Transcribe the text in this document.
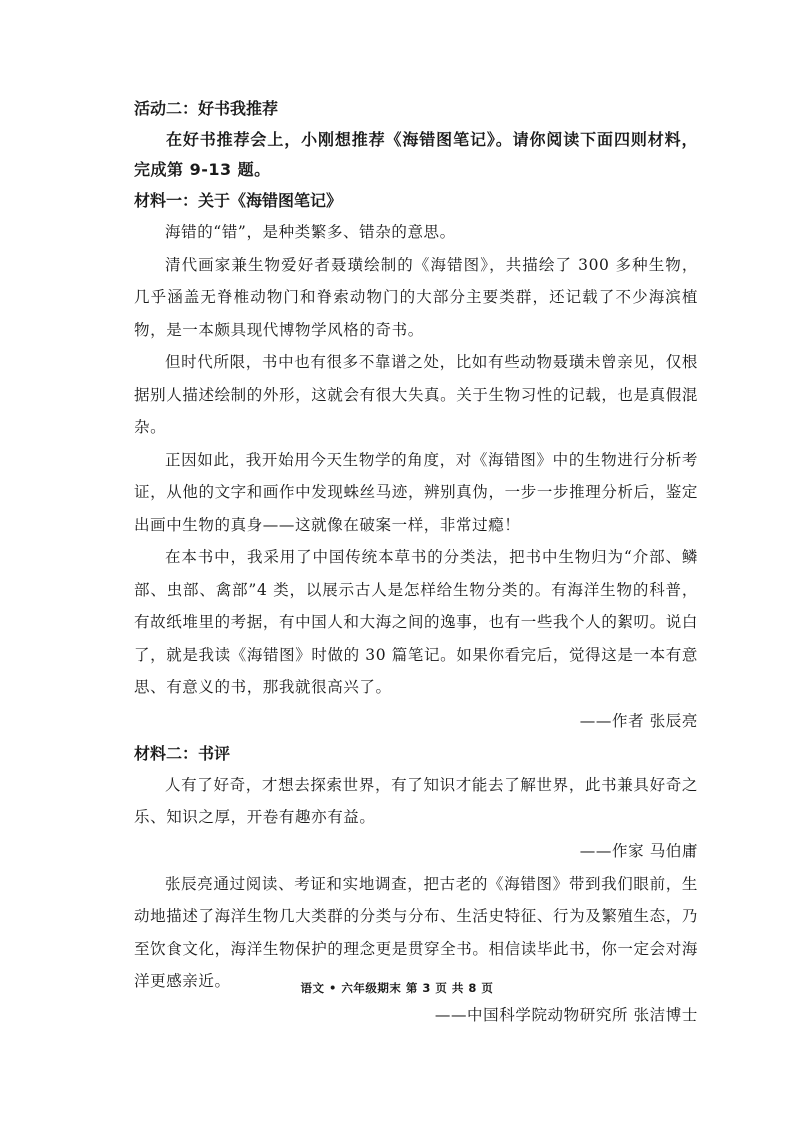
活动二：好书我推荐

在好书推荐会上，小刚想推荐《海错图笔记》。请你阅读下面四则材料，完成第 9-13 题。

材料一：关于《海错图笔记》

海错的“错”，是种类繁多、错杂的意思。

清代画家兼生物爱好者聂璜绘制的《海错图》，共描绘了 300 多种生物，几乎涵盖无脊椎动物门和脊索动物门的大部分主要类群，还记载了不少海滨植物，是一本颇具现代博物学风格的奇书。

但时代所限，书中也有很多不靠谱之处，比如有些动物聂璜未曾亲见，仅根据别人描述绘制的外形，这就会有很大失真。关于生物习性的记载，也是真假混杂。

正因如此，我开始用今天生物学的角度，对《海错图》中的生物进行分析考证，从他的文字和画作中发现蛛丝马迹，辨别真伪，一步一步推理分析后，鉴定出画中生物的真身——这就像在破案一样，非常过瘾！

在本书中，我采用了中国传统本草书的分类法，把书中生物归为“介部、鳞部、虫部、禽部”4 类，以展示古人是怎样给生物分类的。有海洋生物的科普，有故纸堆里的考据，有中国人和大海之间的逸事，也有一些我个人的絮叨。说白了，就是我读《海错图》时做的 30 篇笔记。如果你看完后，觉得这是一本有意思、有意义的书，那我就很高兴了。

——作者 张辰亮

材料二：书评

人有了好奇，才想去探索世界，有了知识才能去了解世界，此书兼具好奇之乐、知识之厚，开卷有趣亦有益。

——作家 马伯庸

张辰亮通过阅读、考证和实地调查，把古老的《海错图》带到我们眼前，生动地描述了海洋生物几大类群的分类与分布、生活史特征、行为及繁殖生态，乃至饮食文化，海洋生物保护的理念更是贯穿全书。相信读毕此书，你一定会对海洋更感亲近。

——中国科学院动物研究所 张洁博士

语文 • 六年级期末 第 3 页 共 8 页
